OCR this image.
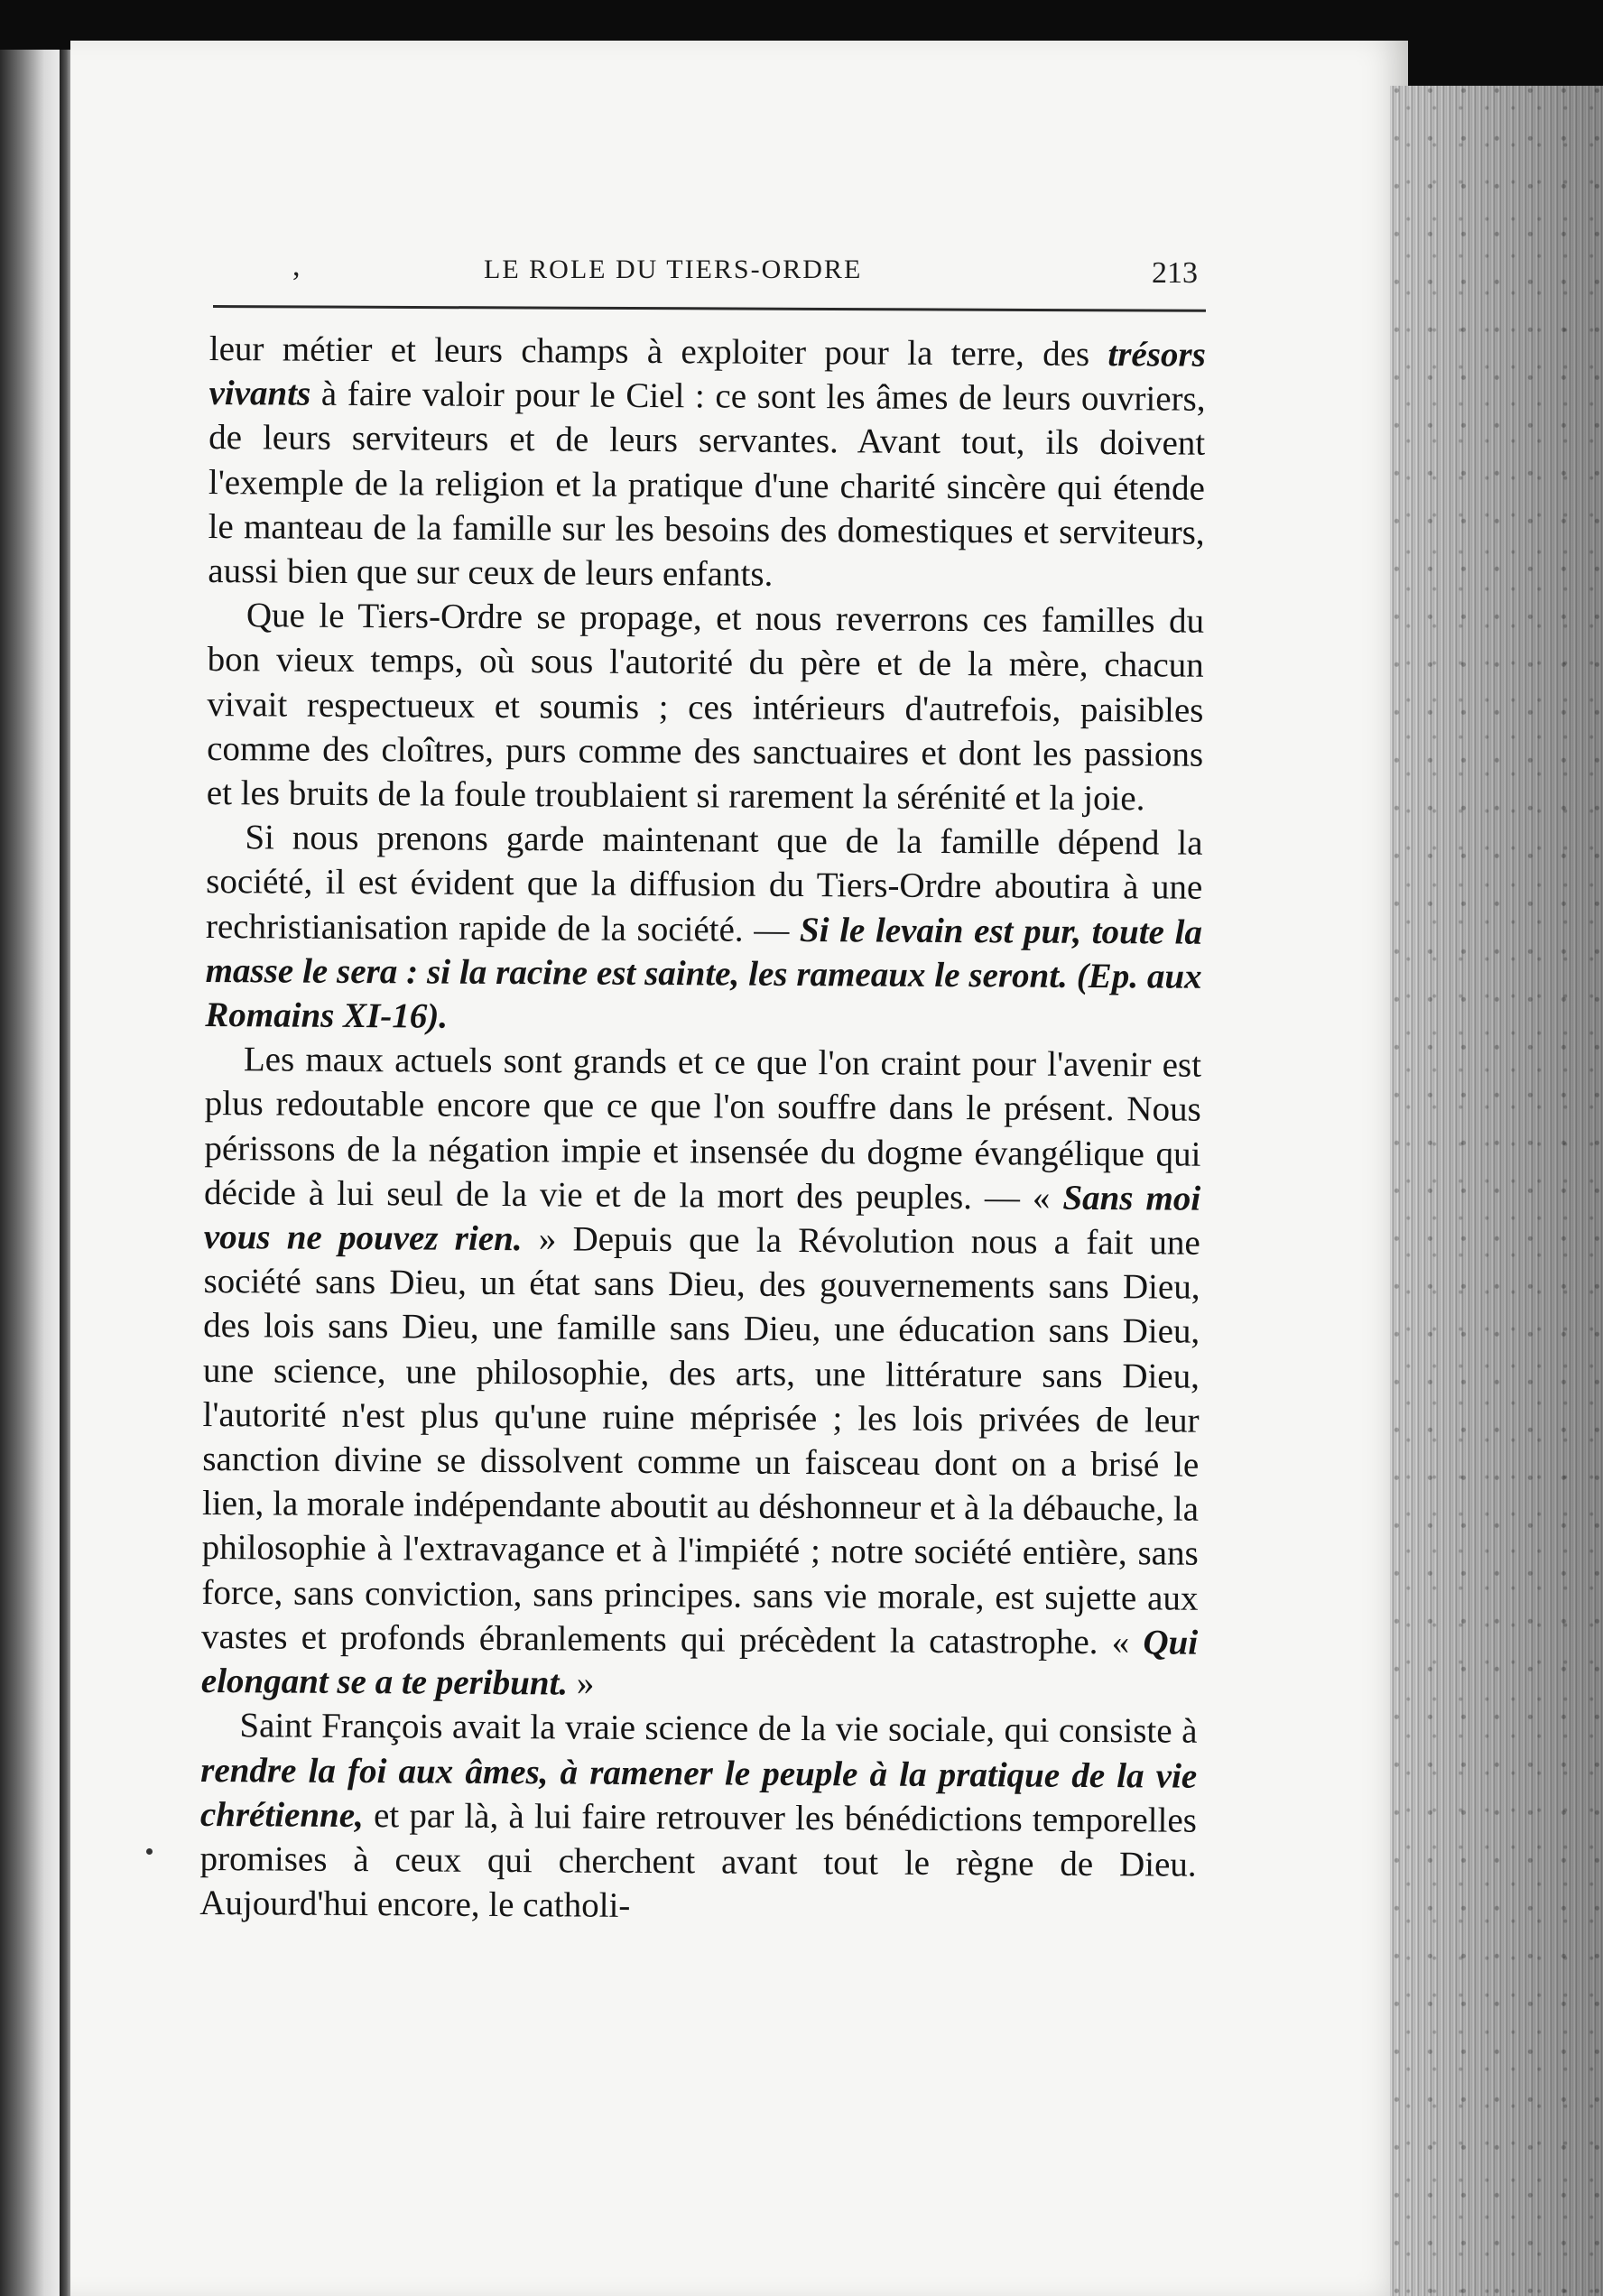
,	LE ROLE DU TIERS-ORDRE	213

leur métier et leurs champs à exploiter pour la terre, des trésors vivants à faire valoir pour le Ciel : ce sont les âmes de leurs ouvriers, de leurs serviteurs et de leurs servantes. Avant tout, ils doivent l'exemple de la religion et la pratique d'une charité sincère qui étende le manteau de la famille sur les besoins des domestiques et serviteurs, aussi bien que sur ceux de leurs enfants.

Que le Tiers-Ordre se propage, et nous reverrons ces familles du bon vieux temps, où sous l'autorité du père et de la mère, chacun vivait respectueux et soumis ; ces intérieurs d'autrefois, paisibles comme des cloîtres, purs comme des sanctuaires et dont les passions et les bruits de la foule troublaient si rarement la sérénité et la joie.

Si nous prenons garde maintenant que de la famille dépend la société, il est évident que la diffusion du Tiers-Ordre aboutira à une rechristianisation rapide de la société. — Si le levain est pur, toute la masse le sera : si la racine est sainte, les rameaux le seront. (Ep. aux Romains XI-16).

Les maux actuels sont grands et ce que l'on craint pour l'avenir est plus redoutable encore que ce que l'on souffre dans le présent. Nous périssons de la négation impie et insensée du dogme évangélique qui décide à lui seul de la vie et de la mort des peuples. — « Sans moi vous ne pouvez rien. » Depuis que la Révolution nous a fait une société sans Dieu, un état sans Dieu, des gouvernements sans Dieu, des lois sans Dieu, une famille sans Dieu, une éducation sans Dieu, une science, une philosophie, des arts, une littérature sans Dieu, l'autorité n'est plus qu'une ruine méprisée ; les lois privées de leur sanction divine se dissolvent comme un faisceau dont on a brisé le lien, la morale indépendante aboutit au déshonneur et à la débauche, la philosophie à l'extravagance et à l'impiété ; notre société entière, sans force, sans conviction, sans principes. sans vie morale, est sujette aux vastes et profonds ébranlements qui précèdent la catastrophe. « Qui elongant se a te peribunt. »

Saint François avait la vraie science de la vie sociale, qui consiste à rendre la foi aux âmes, à ramener le peuple à la pratique de la vie chrétienne, et par là, à lui faire retrouver les bénédictions temporelles promises à ceux qui cherchent avant tout le règne de Dieu. Aujourd'hui encore, le catholi-
